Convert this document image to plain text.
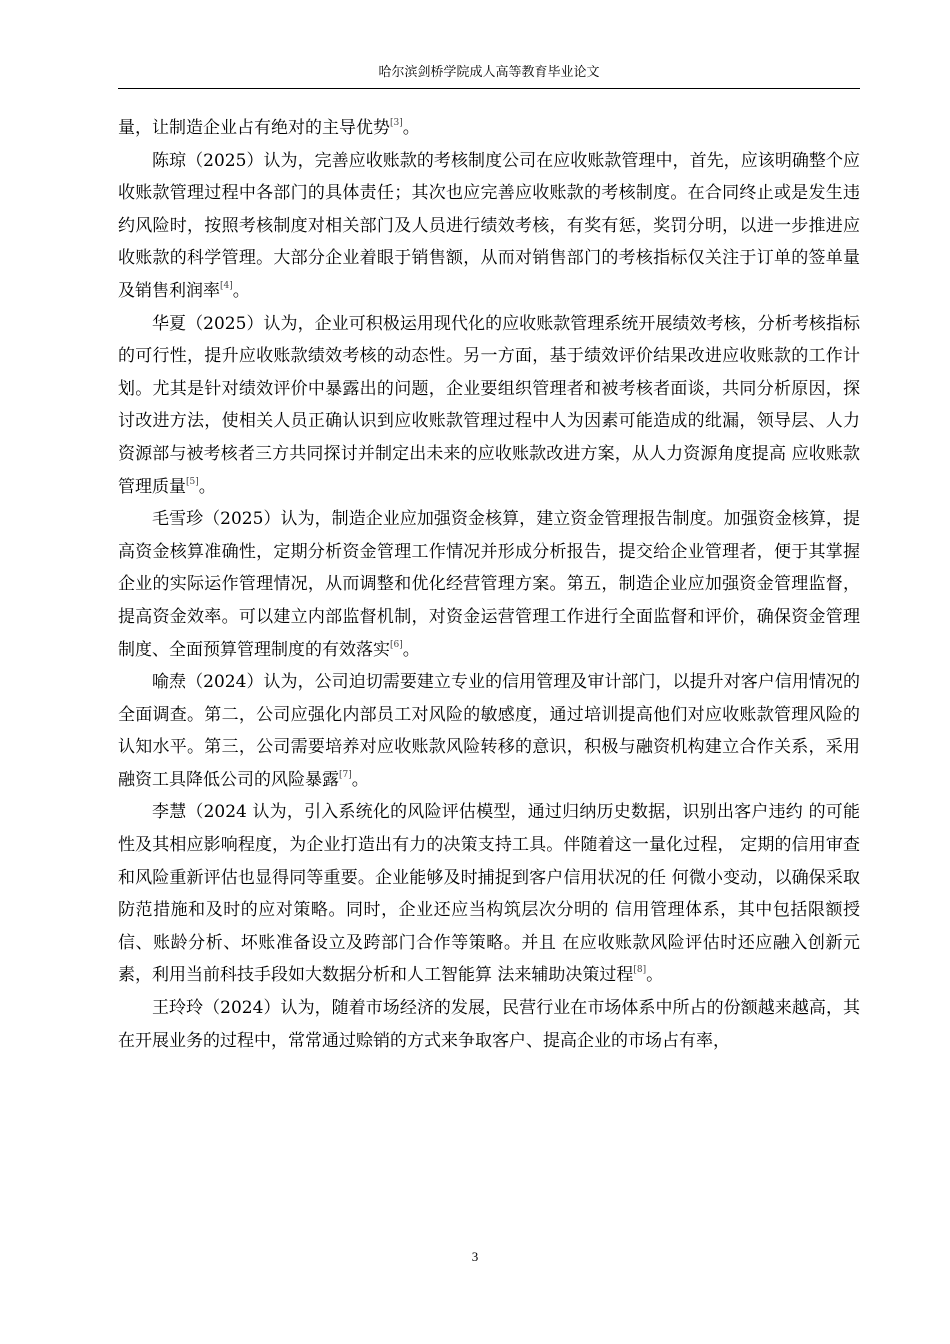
哈尔滨剑桥学院成人高等教育毕业论文

量，让制造企业占有绝对的主导优势[3]。

陈琼（2025）认为，完善应收账款的考核制度公司在应收账款管理中，首先，应该明确整个应收账款管理过程中各部门的具体责任；其次也应完善应收账款的考核制度。在合同终止或是发生违约风险时，按照考核制度对相关部门及人员进行绩效考核，有奖有惩，奖罚分明，以进一步推进应收账款的科学管理。大部分企业着眼于销售额，从而对销售部门的考核指标仅关注于订单的签单量及销售利润率[4]。

华夏（2025）认为，企业可积极运用现代化的应收账款管理系统开展绩效考核，分析考核指标的可行性，提升应收账款绩效考核的动态性。另一方面，基于绩效评价结果改进应收账款的工作计划。尤其是针对绩效评价中暴露出的问题，企业要组织管理者和被考核者面谈，共同分析原因，探讨改进方法，使相关人员正确认识到应收账款管理过程中人为因素可能造成的纰漏，领导层、人力资源部与被考核者三方共同探讨并制定出未来的应收账款改进方案，从人力资源角度提高 应收账款管理质量[5]。

毛雪珍（2025）认为，制造企业应加强资金核算，建立资金管理报告制度。加强资金核算，提高资金核算准确性，定期分析资金管理工作情况并形成分析报告，提交给企业管理者，便于其掌握企业的实际运作管理情况，从而调整和优化经营管理方案。第五，制造企业应加强资金管理监督，提高资金效率。可以建立内部监督机制，对资金运营管理工作进行全面监督和评价，确保资金管理制度、全面预算管理制度的有效落实[6]。

喻焘（2024）认为，公司迫切需要建立专业的信用管理及审计部门，以提升对客户信用情况的全面调查。第二，公司应强化内部员工对风险的敏感度，通过培训提高他们对应收账款管理风险的认知水平。第三，公司需要培养对应收账款风险转移的意识，积极与融资机构建立合作关系，采用融资工具降低公司的风险暴露[7]。

李慧（2024 认为，引入系统化的风险评估模型，通过归纳历史数据，识别出客户违约 的可能性及其相应影响程度，为企业打造出有力的决策支持工具。伴随着这一量化过程， 定期的信用审查和风险重新评估也显得同等重要。企业能够及时捕捉到客户信用状况的任 何微小变动，以确保采取防范措施和及时的应对策略。同时，企业还应当构筑层次分明的 信用管理体系，其中包括限额授信、账龄分析、坏账准备设立及跨部门合作等策略。并且 在应收账款风险评估时还应融入创新元素，利用当前科技手段如大数据分析和人工智能算 法来辅助决策过程[8]。

王玲玲（2024）认为，随着市场经济的发展，民营行业在市场体系中所占的份额越来越高，其在开展业务的过程中，常常通过赊销的方式来争取客户、提高企业的市场占有率，

3
